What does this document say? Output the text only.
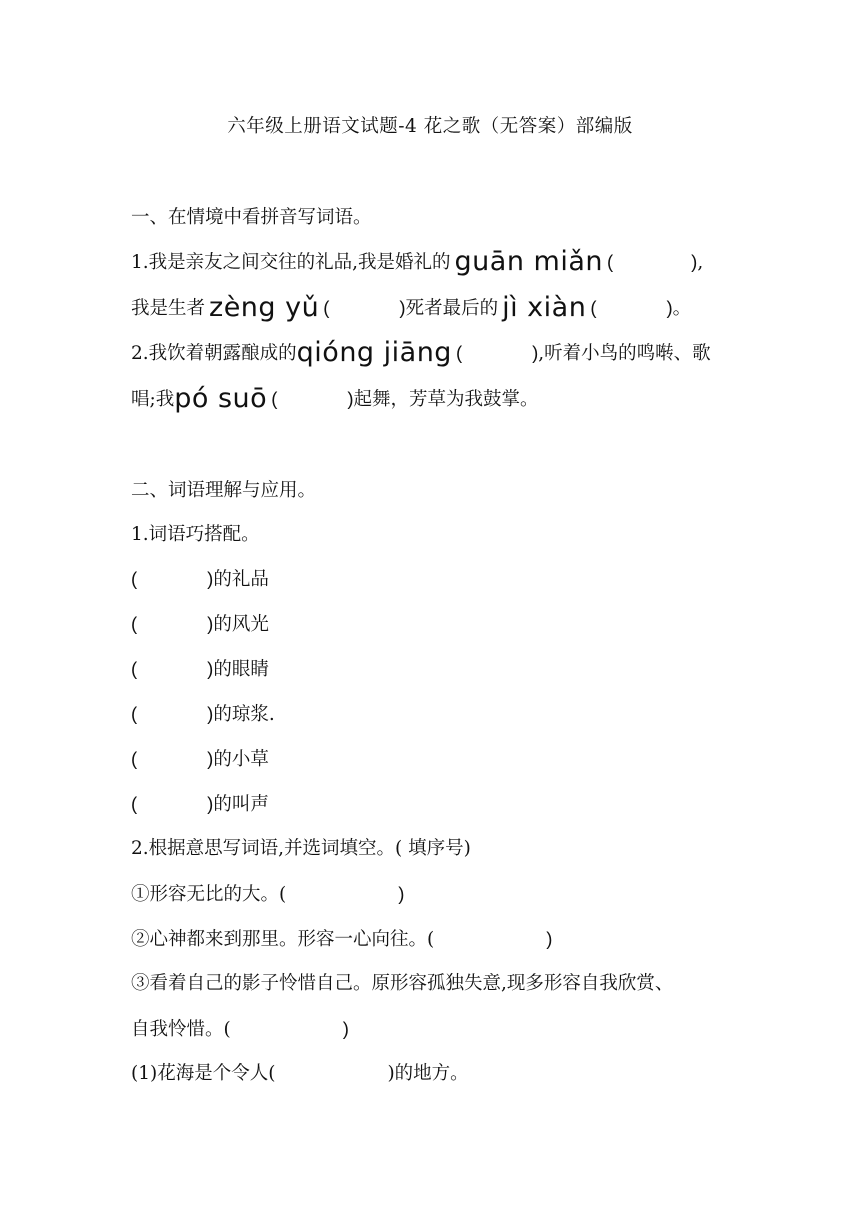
六年级上册语文试题-4 花之歌（无答案）部编版
一、在情境中看拼音写词语。
1.我是亲友之间交往的礼品,我是婚礼的 guān miǎn (	),
我是生者 zèng yǔ (	)死者最后的 jì xiàn (	)。
2.我饮着朝露酿成的qióng jiāng (	),听着小鸟的鸣啭、歌
唱;我pó suō (	)起舞，芳草为我鼓掌。
二、词语理解与应用。
1.词语巧搭配。
(	)的礼品
(	)的风光
(	)的眼睛
(	)的琼浆.
(	)的小草
(	)的叫声
2.根据意思写词语,并选词填空。( 填序号)
①形容无比的大。(	)
②心神都来到那里。形容一心向往。(	)
③看着自己的影子怜惜自己。原形容孤独失意,现多形容自我欣赏、
自我怜惜。(	)
(1)花海是个令人(	)的地方。
